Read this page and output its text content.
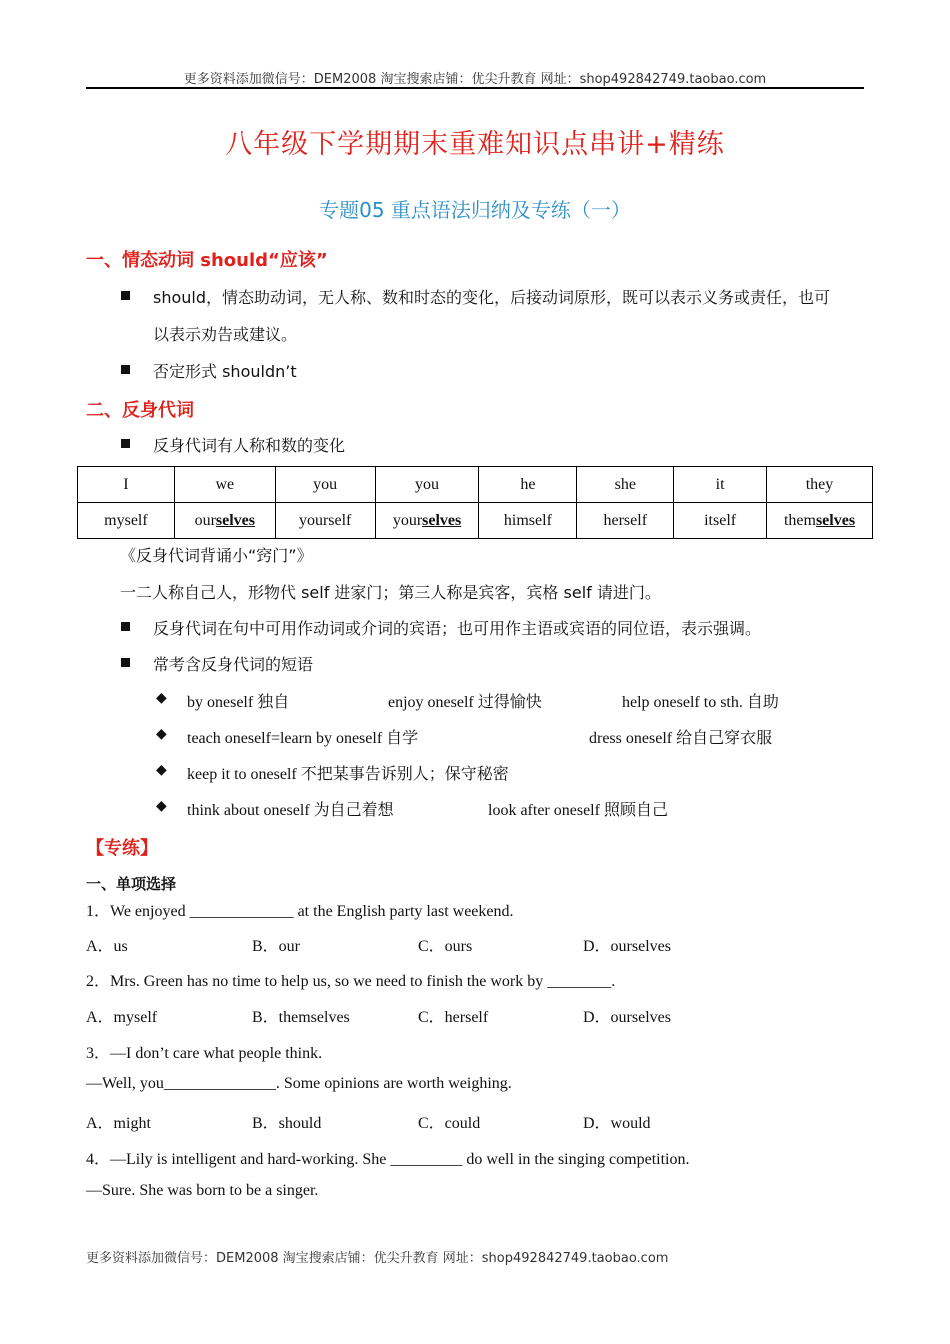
更多资料添加微信号：DEM2008 淘宝搜索店铺：优尖升教育 网址：shop492842749.taobao.com
八年级下学期期末重难知识点串讲+精练
专题05 重点语法归纳及专练（一）
一、情态动词 should“应该”
should，情态助动词，无人称、数和时态的变化，后接动词原形，既可以表示义务或责任，也可
以表示劝告或建议。
否定形式 shouldn’t
二、反身代词
反身代词有人称和数的变化
I	we	you	you	he	she	it	they
myself	ourselves	yourself	yourselves	himself	herself	itself	themselves
《反身代词背诵小“窍门”》
一二人称自己人，形物代 self 进家门；第三人称是宾客，宾格 self 请进门。
反身代词在句中可用作动词或介词的宾语；也可用作主语或宾语的同位语，表示强调。
常考含反身代词的短语
◆ by oneself 独自	enjoy oneself 过得愉快	help oneself to sth. 自助
◆ teach oneself=learn by oneself 自学	dress oneself 给自己穿衣服
◆ keep it to oneself 不把某事告诉别人；保守秘密
◆ think about oneself 为自己着想	look after oneself 照顾自己
【专练】
一、单项选择
1．We enjoyed _____________ at the English party last weekend.
A．us	B．our	C．ours	D．ourselves
2．Mrs. Green has no time to help us, so we need to finish the work by ________.
A．myself	B．themselves	C．herself	D．ourselves
3．—I don’t care what people think.
—Well, you______________. Some opinions are worth weighing.
A．might	B．should	C．could	D．would
4．—Lily is intelligent and hard-working. She _________ do well in the singing competition.
—Sure. She was born to be a singer.
更多资料添加微信号：DEM2008 淘宝搜索店铺：优尖升教育 网址：shop492842749.taobao.com
